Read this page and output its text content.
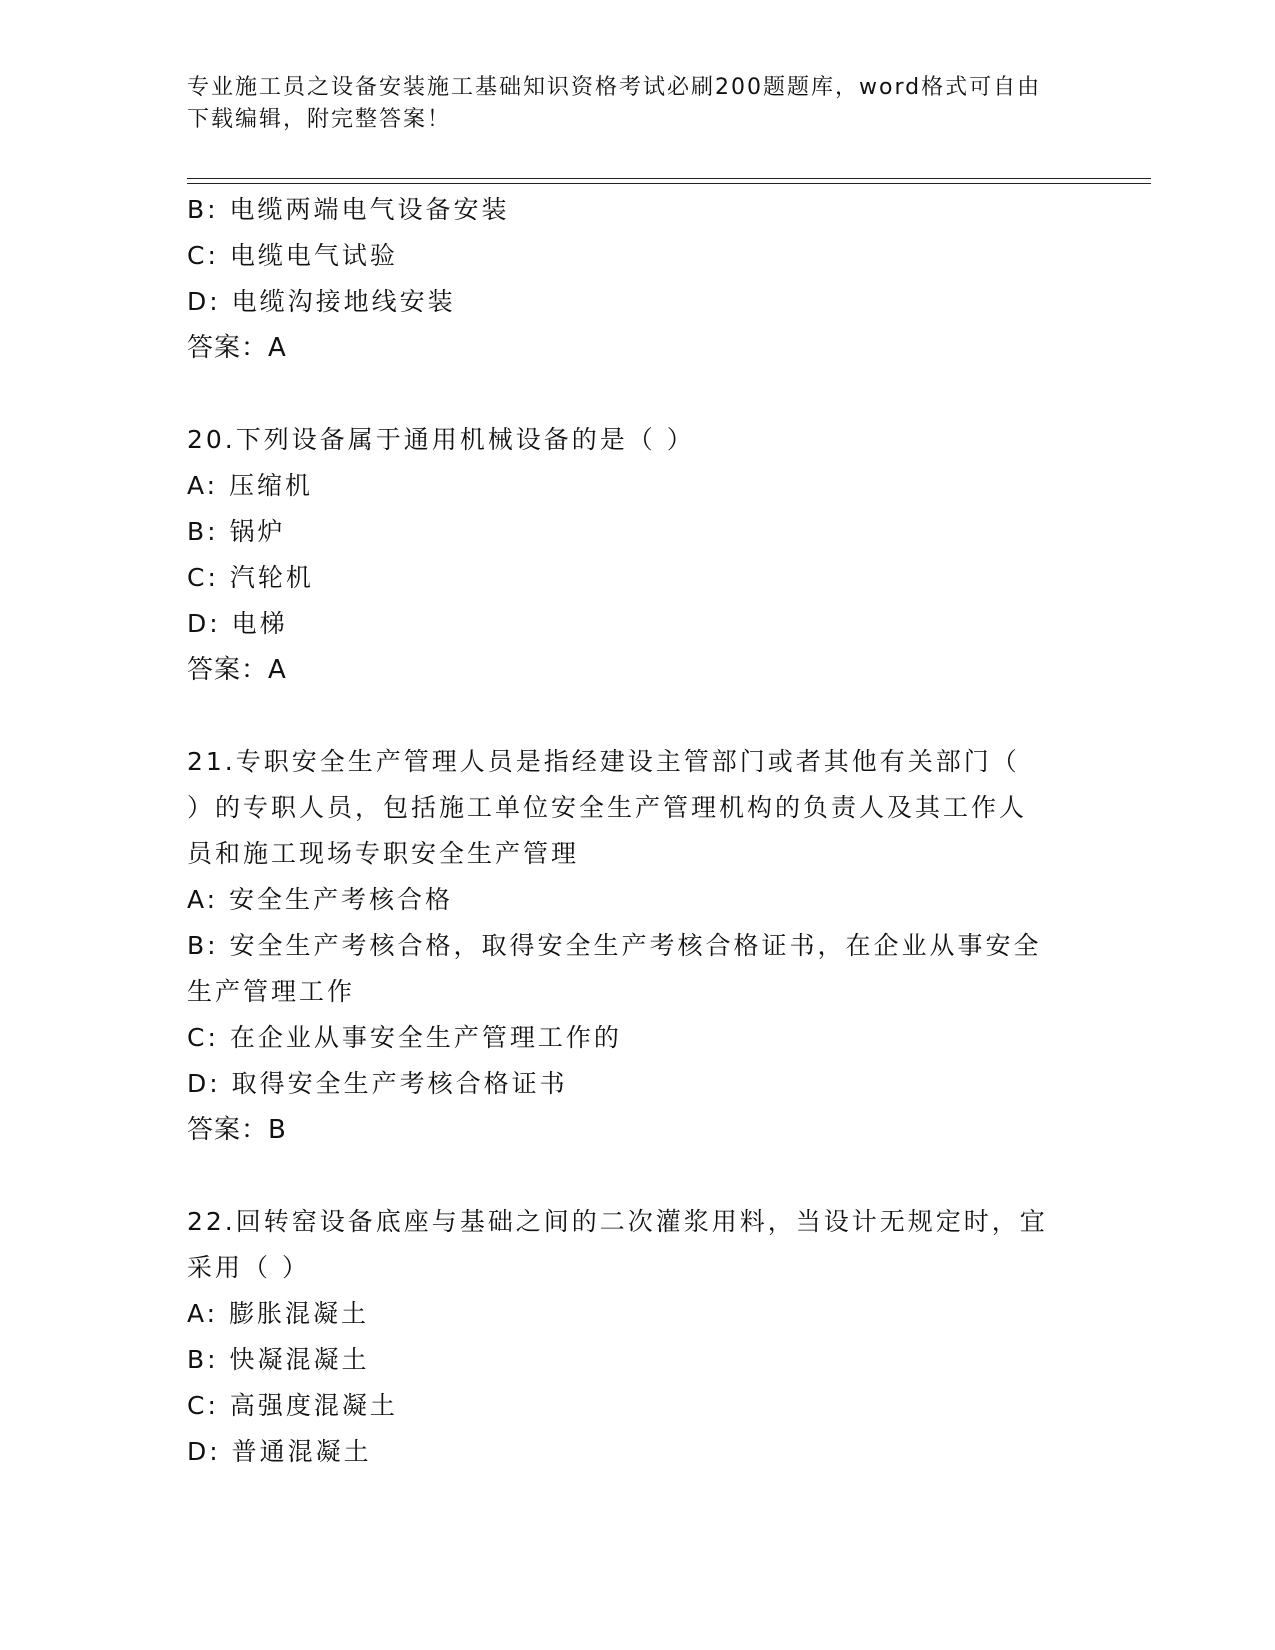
专业施工员之设备安装施工基础知识资格考试必刷200题题库，word格式可自由
下载编辑，附完整答案！
B: 电缆两端电气设备安装
C: 电缆电气试验
D: 电缆沟接地线安装
答案：A
20.下列设备属于通用机械设备的是（ ）
A: 压缩机
B: 锅炉
C: 汽轮机
D: 电梯
答案：A
21.专职安全生产管理人员是指经建设主管部门或者其他有关部门（
）的专职人员，包括施工单位安全生产管理机构的负责人及其工作人
员和施工现场专职安全生产管理
A: 安全生产考核合格
B: 安全生产考核合格，取得安全生产考核合格证书，在企业从事安全
生产管理工作
C: 在企业从事安全生产管理工作的
D: 取得安全生产考核合格证书
答案：B
22.回转窑设备底座与基础之间的二次灌浆用料，当设计无规定时，宜
采用（ ）
A: 膨胀混凝土
B: 快凝混凝土
C: 高强度混凝土
D: 普通混凝土
